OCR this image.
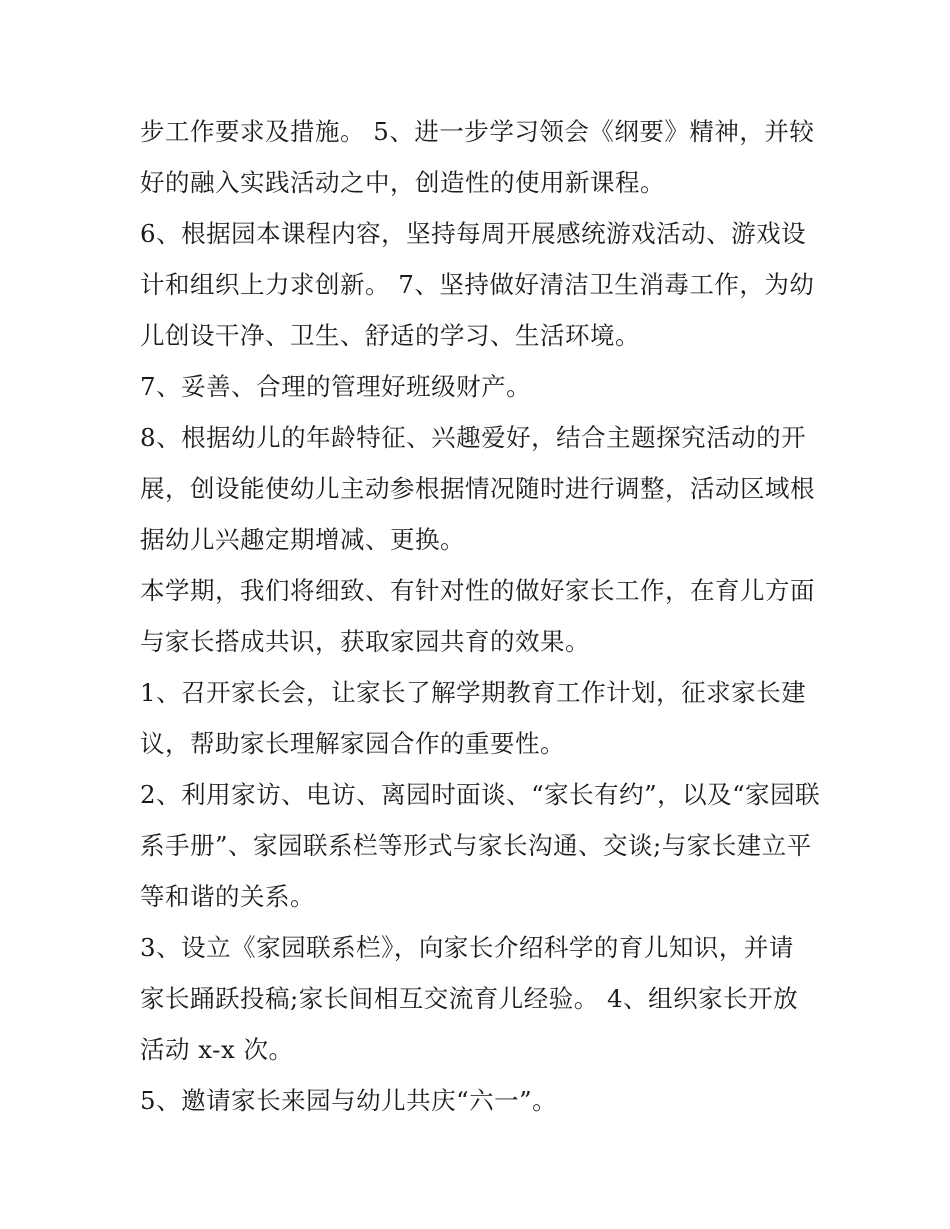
步工作要求及措施。 5、进一步学习领会《纲要》精神，并较
好的融入实践活动之中，创造性的使用新课程。

6、根据园本课程内容，坚持每周开展感统游戏活动、游戏设
计和组织上力求创新。 7、坚持做好清洁卫生消毒工作，为幼
儿创设干净、卫生、舒适的学习、生活环境。

7、妥善、合理的管理好班级财产。

8、根据幼儿的年龄特征、兴趣爱好，结合主题探究活动的开
展，创设能使幼儿主动参根据情况随时进行调整，活动区域根
据幼儿兴趣定期增减、更换。

本学期，我们将细致、有针对性的做好家长工作，在育儿方面
与家长搭成共识，获取家园共育的效果。

1、召开家长会，让家长了解学期教育工作计划，征求家长建
议，帮助家长理解家园合作的重要性。

2、利用家访、电访、离园时面谈、“家长有约”，以及“家园联
系手册”、家园联系栏等形式与家长沟通、交谈;与家长建立平
等和谐的关系。

3、设立《家园联系栏》，向家长介绍科学的育儿知识，并请
家长踊跃投稿;家长间相互交流育儿经验。 4、组织家长开放
活动 x-x 次。

5、邀请家长来园与幼儿共庆“六一”。
